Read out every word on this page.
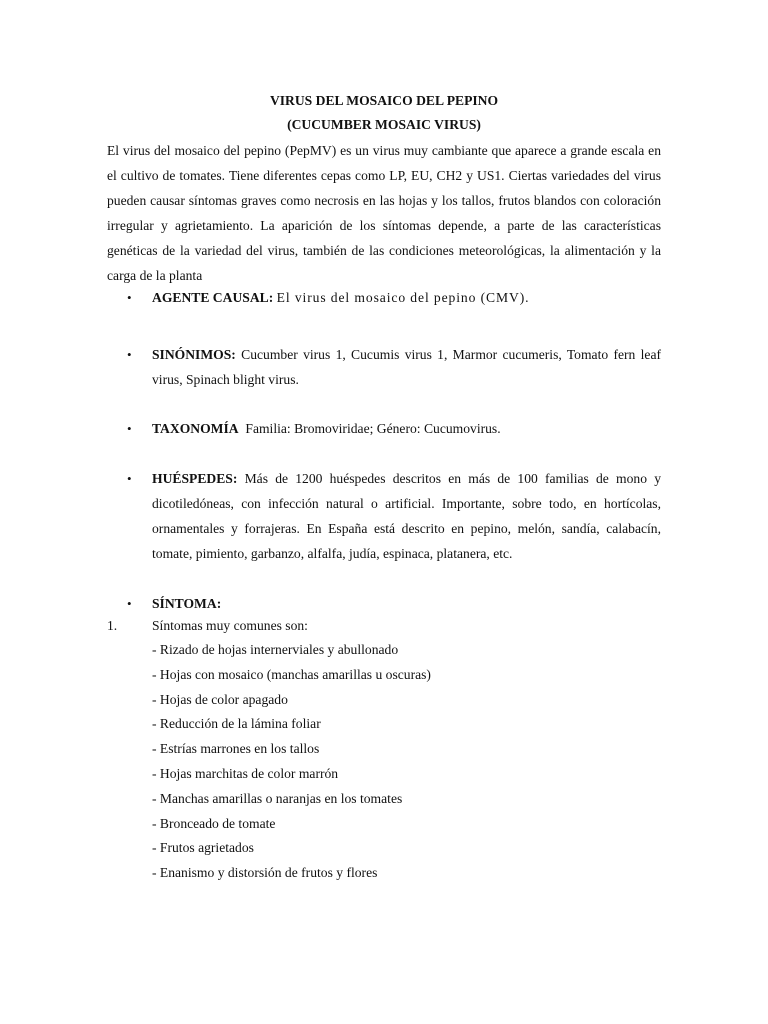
VIRUS DEL MOSAICO DEL PEPINO
(CUCUMBER MOSAIC VIRUS)
El virus del mosaico del pepino (PepMV) es un virus muy cambiante que aparece a grande escala en el cultivo de tomates. Tiene diferentes cepas como LP, EU, CH2 y US1. Ciertas variedades del virus pueden causar síntomas graves como necrosis en las hojas y los tallos, frutos blandos con coloración irregular y agrietamiento. La aparición de los síntomas depende, a parte de las características genéticas de la variedad del virus, también de las condiciones meteorológicas, la alimentación y la carga de la planta
• AGENTE CAUSAL: El virus del mosaico del pepino (CMV).
• SINÓNIMOS: Cucumber virus 1, Cucumis virus 1, Marmor cucumeris, Tomato fern leaf virus, Spinach blight virus.
• TAXONOMÍA Familia: Bromoviridae; Género: Cucumovirus.
• HUÉSPEDES: Más de 1200 huéspedes descritos en más de 100 familias de mono y dicotiledóneas, con infección natural o artificial. Importante, sobre todo, en hortícolas, ornamentales y forrajeras. En España está descrito en pepino, melón, sandía, calabacín, tomate, pimiento, garbanzo, alfalfa, judía, espinaca, platanera, etc.
• SÍNTOMA:
1.	Síntomas muy comunes son:
- Rizado de hojas internerviales y abullonado
- Hojas con mosaico (manchas amarillas u oscuras)
- Hojas de color apagado
- Reducción de la lámina foliar
- Estrías marrones en los tallos
- Hojas marchitas de color marrón
- Manchas amarillas o naranjas en los tomates
- Bronceado de tomate
- Frutos agrietados
- Enanismo y distorsión de frutos y flores
